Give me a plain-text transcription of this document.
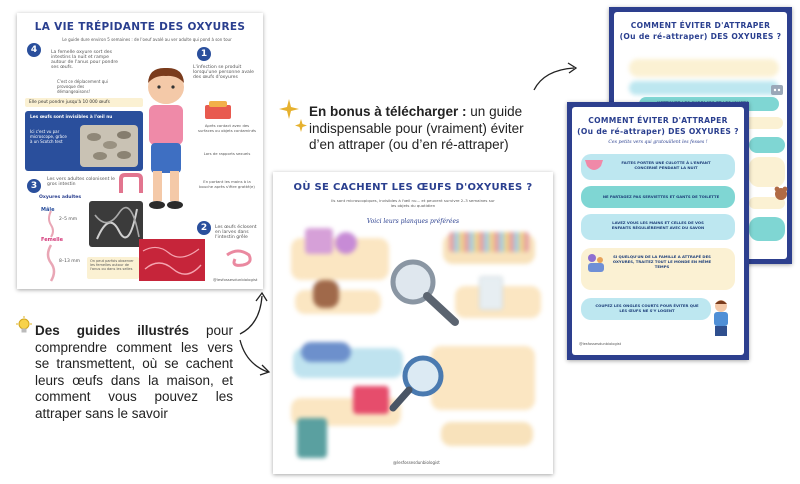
LA VIE TRÉPIDANTE DES OXYURES
Le guide dure environ 5 semaines : de l'oeuf avalé au ver adulte qui pond à son tour
4	La femelle oxyure sort des intestins la nuit et rampe autour de l'anus pour pondre ses œufs.
C'est ce déplacement qui provoque des démangeaisons!
Elle peut pondre jusqu'à 10 000 œufs
Les œufs sont invisibles à l'œil nu
Ici c'est vu par microscope, grâce à un Scotch test
3
Les vers adultes colonisent le gros intestin
Oxyures adultes
Mâle
2–5 mm
Femelle
8–13 mm	On peut parfois observer les femelles autour de l'anus ou dans les selles
1
L'infection se produit lorsqu'une personne avale des œufs d'oxyures
Après contact avec des surfaces ou objets contaminés
Lors de rapports sexuels
En portant les mains à la bouche après s'être gratté(e)
2	Les œufs éclosent en larves dans l'intestin grêle
@lesfossesdunbiologist
OÙ SE CACHENT LES ŒUFS D'OXYURES ?
Ils sont microscopiques, invisibles à l'œil nu... et peuvent survivre 2–3 semaines sur les objets du quotidien
Voici leurs planques préférées
@lesfossesdunbiologist
COMMENT ÉVITER D'ATTRAPER
(Ou de ré-attraper) DES OXYURES ?
COMMENT ÉVITER D'ATTRAPER
(Ou de ré-attraper) DES OXYURES ?
Ces petits vers qui gratouillent les fesses !
FAITES PORTER UNE CULOTTE À L'ENFANT CONCERNÉ PENDANT LA NUIT
NE PARTAGEZ PAS SERVIETTES ET GANTS DE TOILETTE
LAVEZ VOUS LES MAINS ET CELLES DE VOS ENFANTS RÉGULIÈREMENT AVEC DU SAVON
SI QUELQU'UN DE LA FAMILLE A ATTRAPÉ DES OXYURES, TRAITEZ TOUT LE MONDE EN MÊME TEMPS
COUPEZ LES ONGLES COURTS POUR ÉVITER QUE LES ŒUFS NE S'Y LOGENT
@lesfossesdunbiologist
En bonus à télécharger : un guide indispensable pour (vraiment) éviter d’en attraper (ou d’en ré-attraper)
Des guides illustrés pour comprendre comment les vers se transmettent, où se cachent leurs œufs dans la maison, et comment vous pouvez les attraper sans le savoir
